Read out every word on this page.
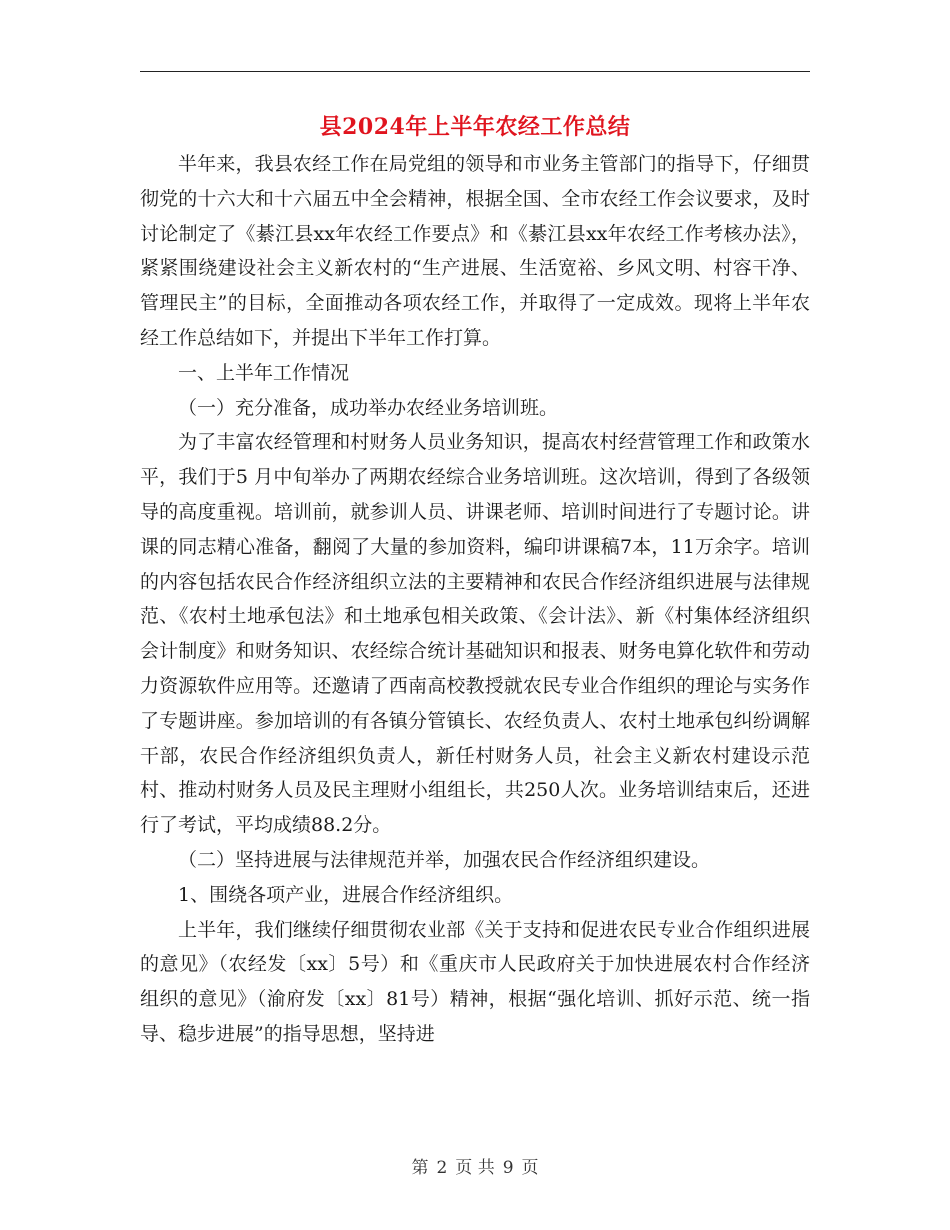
县2024年上半年农经工作总结

半年来，我县农经工作在局党组的领导和市业务主管部门的指导下，仔细贯彻党的十六大和十六届五中全会精神，根据全国、全市农经工作会议要求，及时讨论制定了《綦江县xx年农经工作要点》和《綦江县xx年农经工作考核办法》，紧紧围绕建设社会主义新农村的“生产进展、生活宽裕、乡风文明、村容干净、管理民主”的目标，全面推动各项农经工作，并取得了一定成效。现将上半年农经工作总结如下，并提出下半年工作打算。

一、上半年工作情况

（一）充分准备，成功举办农经业务培训班。

为了丰富农经管理和村财务人员业务知识，提高农村经营管理工作和政策水平，我们于5 月中旬举办了两期农经综合业务培训班。这次培训，得到了各级领导的高度重视。培训前，就参训人员、讲课老师、培训时间进行了专题讨论。讲课的同志精心准备，翻阅了大量的参加资料，编印讲课稿7本，11万余字。培训的内容包括农民合作经济组织立法的主要精神和农民合作经济组织进展与法律规范、《农村土地承包法》和土地承包相关政策、《会计法》、新《村集体经济组织会计制度》和财务知识、农经综合统计基础知识和报表、财务电算化软件和劳动力资源软件应用等。还邀请了西南高校教授就农民专业合作组织的理论与实务作了专题讲座。参加培训的有各镇分管镇长、农经负责人、农村土地承包纠纷调解干部，农民合作经济组织负责人，新任村财务人员，社会主义新农村建设示范村、推动村财务人员及民主理财小组组长，共250人次。业务培训结束后，还进行了考试，平均成绩88.2分。

（二）坚持进展与法律规范并举，加强农民合作经济组织建设。

1、围绕各项产业，进展合作经济组织。

上半年，我们继续仔细贯彻农业部《关于支持和促进农民专业合作组织进展的意见》（农经发〔xx〕5号）和《重庆市人民政府关于加快进展农村合作经济组织的意见》（渝府发〔xx〕81号）精神，根据“强化培训、抓好示范、统一指导、稳步进展”的指导思想，坚持进

第 2 页 共 9 页
